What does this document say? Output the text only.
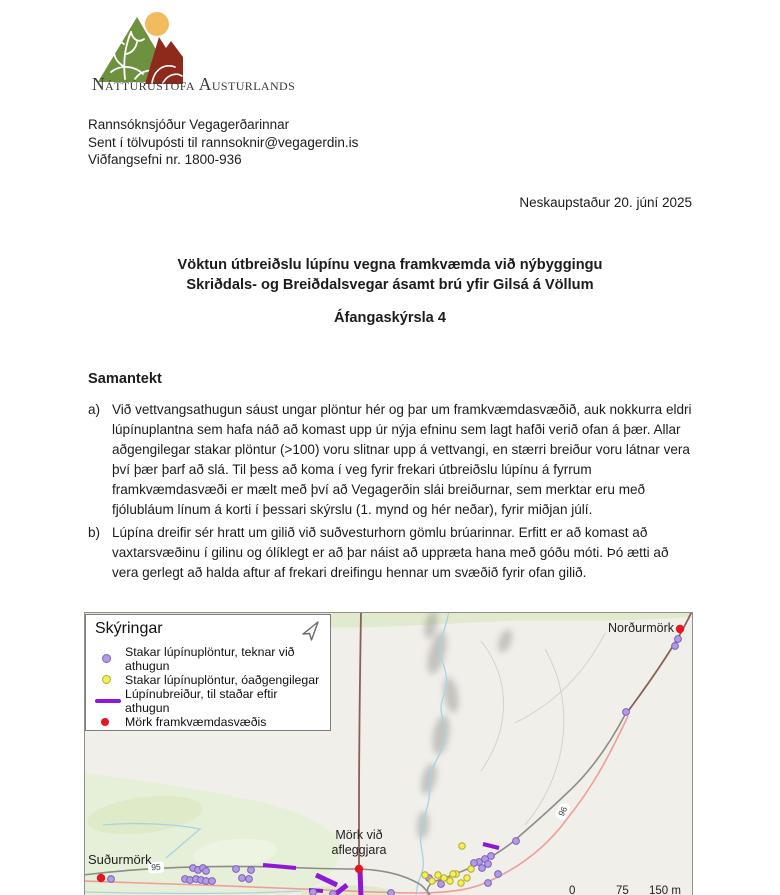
Náttúrustofa Austurlands
Rannsóknsjóður Vegagerðarinnar
Sent í tölvupósti til rannsoknir@vegagerdin.is
Viðfangsefni nr. 1800-936
Neskaupstaður 20. júní 2025
Vöktun útbreiðslu lúpínu vegna framkvæmda við nýbyggingu
Skriðdals- og Breiðdalsvegar ásamt brú yfir Gilsá á Völlum
Áfangaskýrsla 4
Samantekt
a) Við vettvangsathugun sáust ungar plöntur hér og þar um framkvæmdasvæðið, auk nokkurra eldri lúpínuplantna sem hafa náð að komast upp úr nýja efninu sem lagt hafði verið ofan á þær. Allar aðgengilegar stakar plöntur (>100) voru slitnar upp á vettvangi, en stærri breiður voru látnar vera því þær þarf að slá. Til þess að koma í veg fyrir frekari útbreiðslu lúpínu á fyrrum framkvæmdasvæði er mælt með því að Vegagerðin slái breiðurnar, sem merktar eru með fjólubláum línum á korti í þessari skýrslu (1. mynd og hér neðar), fyrir miðjan júlí.
b) Lúpína dreifir sér hratt um gilið við suðvesturhorn gömlu brúarinnar. Erfitt er að komast að vaxtarsvæðinu í gilinu og ólíklegt er að þar náist að uppræta hana með góðu móti. Þó ætti að vera gerlegt að halda aftur af frekari dreifingu hennar um svæðið fyrir ofan gilið.
95
96
Norðurmörk
Suðurmörk
Mörk við
afleggjara
0	75 150 m
Skýringar
Stakar lúpínuplöntur, teknar við athugun
Stakar lúpínuplöntur, óaðgengilegar
Lúpínubreiður, til staðar eftir athugun
Mörk framkvæmdasvæðis
